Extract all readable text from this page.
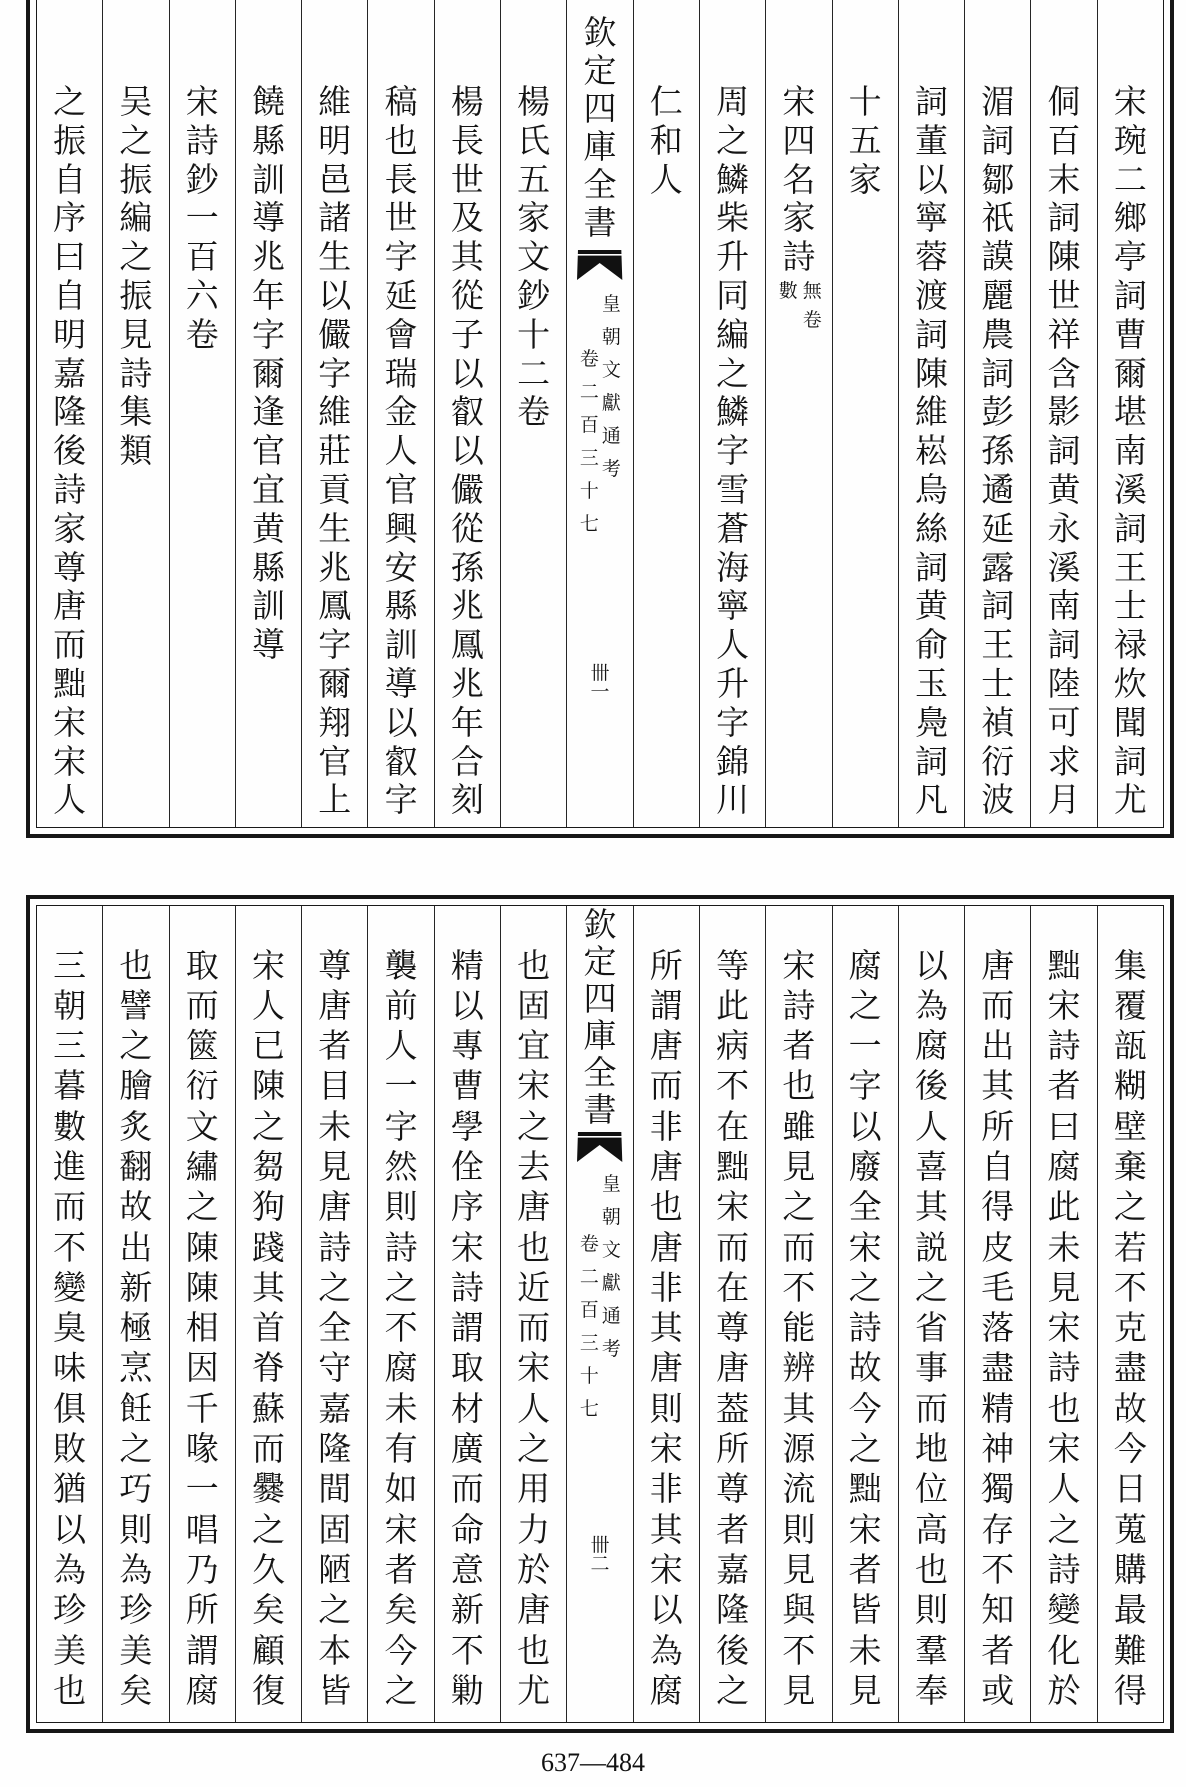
宋
琬
二
鄉
亭
詞
曹
爾
堪
南
溪
詞
王
士
禄
炊
聞
詞
尤
侗
百
末
詞
陳
世
祥
含
影
詞
黄
永
溪
南
詞
陸
可
求
月
湄
詞
鄒
祇
謨
麗
農
詞
彭
孫
遹
延
露
詞
王
士
禎
衍
波
詞
董
以
寧
蓉
渡
詞
陳
維
崧
烏
絲
詞
黄
俞
玉
鳧
詞
凡
十
五
家
宋
四
名
家
詩
無
卷
數
周
之
鱗
柴
升
同
編
之
鱗
字
雪
蒼
海
寧
人
升
字
錦
川
仁
和
人
欽
定
四
庫
全
書
皇
朝
文
獻
通
考
卷
二
百
三
十
七
卌
一
楊
氏
五
家
文
鈔
十
二
卷
楊
長
世
及
其
從
子
以
叡
以
儼
從
孫
兆
鳳
兆
年
合
刻
稿
也
長
世
字
延
會
瑞
金
人
官
興
安
縣
訓
導
以
叡
字
維
明
邑
諸
生
以
儼
字
維
莊
貢
生
兆
鳳
字
爾
翔
官
上
饒
縣
訓
導
兆
年
字
爾
逢
官
宜
黄
縣
訓
導
宋
詩
鈔
一
百
六
卷
吴
之
振
編
之
振
見
詩
集
類
之
振
自
序
曰
自
明
嘉
隆
後
詩
家
尊
唐
而
黜
宋
宋
人
集
覆
瓿
糊
壁
棄
之
若
不
克
盡
故
今
日
蒐
購
最
難
得
黜
宋
詩
者
曰
腐
此
未
見
宋
詩
也
宋
人
之
詩
變
化
於
唐
而
出
其
所
自
得
皮
毛
落
盡
精
神
獨
存
不
知
者
或
以
為
腐
後
人
喜
其
説
之
省
事
而
地
位
高
也
則
羣
奉
腐
之
一
字
以
廢
全
宋
之
詩
故
今
之
黜
宋
者
皆
未
見
宋
詩
者
也
雖
見
之
而
不
能
辨
其
源
流
則
見
與
不
見
等
此
病
不
在
黜
宋
而
在
尊
唐
葢
所
尊
者
嘉
隆
後
之
所
謂
唐
而
非
唐
也
唐
非
其
唐
則
宋
非
其
宋
以
為
腐
欽
定
四
庫
全
書
皇
朝
文
獻
通
考
卷
二
百
三
十
七
卌
二
也
固
宜
宋
之
去
唐
也
近
而
宋
人
之
用
力
於
唐
也
尤
精
以
專
曹
學
佺
序
宋
詩
謂
取
材
廣
而
命
意
新
不
勦
襲
前
人
一
字
然
則
詩
之
不
腐
未
有
如
宋
者
矣
今
之
尊
唐
者
目
未
見
唐
詩
之
全
守
嘉
隆
間
固
陋
之
本
皆
宋
人
已
陳
之
芻
狗
踐
其
首
脊
蘇
而
爨
之
久
矣
顧
復
取
而
篋
衍
文
繡
之
陳
陳
相
因
千
喙
一
唱
乃
所
謂
腐
也
譬
之
膾
炙
翻
故
出
新
極
烹
飪
之
巧
則
為
珍
美
矣
三
朝
三
暮
數
進
而
不
變
臭
味
俱
敗
猶
以
為
珍
美
也
637—484
